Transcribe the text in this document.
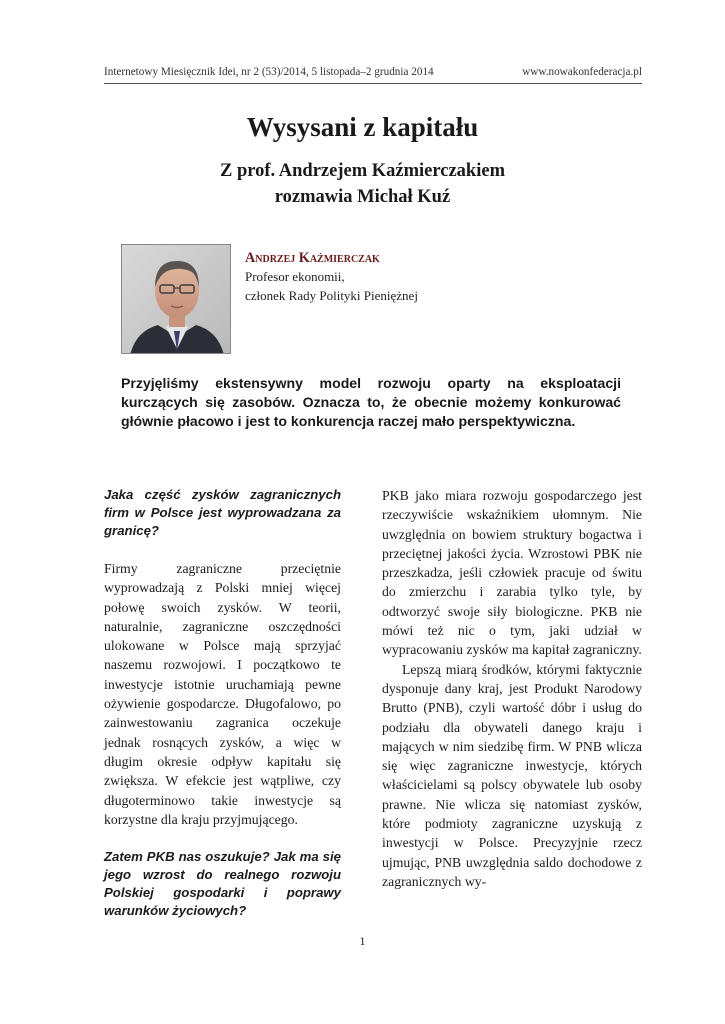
Internetowy Miesięcznik Idei, nr 2 (53)/2014, 5 listopada–2 grudnia 2014	www.nowakonfederacja.pl
Wysysani z kapitału
Z prof. Andrzejem Kaźmierczakiem
rozmawia Michał Kuź
Andrzej Kaźmierczak
Profesor ekonomii,
członek Rady Polityki Pieniężnej
Przyjęliśmy ekstensywny model rozwoju oparty na eksploatacji kurczących się zasobów. Oznacza to, że obecnie możemy konkurować głównie płacowo i jest to konkurencja raczej mało perspektywiczna.

Jaka część zysków zagranicznych firm w Polsce jest wyprowadzana za granicę?

Firmy zagraniczne przeciętnie wyprowadzają z Polski mniej więcej połowę swoich zysków. W teorii, naturalnie, zagraniczne oszczędności ulokowane w Polsce mają sprzyjać naszemu rozwojowi. I początkowo te inwestycje istotnie uruchamiają pewne ożywienie gospodarcze. Długofalowo, po zainwestowaniu zagranica oczekuje jednak rosnących zysków, a więc w długim okresie odpływ kapitału się zwiększa. W efekcie jest wątpliwe, czy długoterminowo takie inwestycje są korzystne dla kraju przyjmującego.

Zatem PKB nas oszukuje? Jak ma się jego wzrost do realnego rozwoju Polskiej gospodarki i poprawy warunków życiowych?

PKB jako miara rozwoju gospodarczego jest rzeczywiście wskaźnikiem ułomnym. Nie uwzględnia on bowiem struktury bogactwa i przeciętnej jakości życia. Wzrostowi PBK nie przeszkadza, jeśli człowiek pracuje od świtu do zmierzchu i zarabia tylko tyle, by odtworzyć swoje siły biologiczne. PKB nie mówi też nic o tym, jaki udział w wypracowaniu zysków ma kapitał zagraniczny.

Lepszą miarą środków, którymi faktycznie dysponuje dany kraj, jest Produkt Narodowy Brutto (PNB), czyli wartość dóbr i usług do podziału dla obywateli danego kraju i mających w nim siedzibę firm. W PNB wlicza się więc zagraniczne inwestycje, których właścicielami są polscy obywatele lub osoby prawne. Nie wlicza się natomiast zysków, które podmioty zagraniczne uzyskują z inwestycji w Polsce. Precyzyjnie rzecz ujmując, PNB uwzględnia saldo dochodowe z zagranicznych wy-

1
